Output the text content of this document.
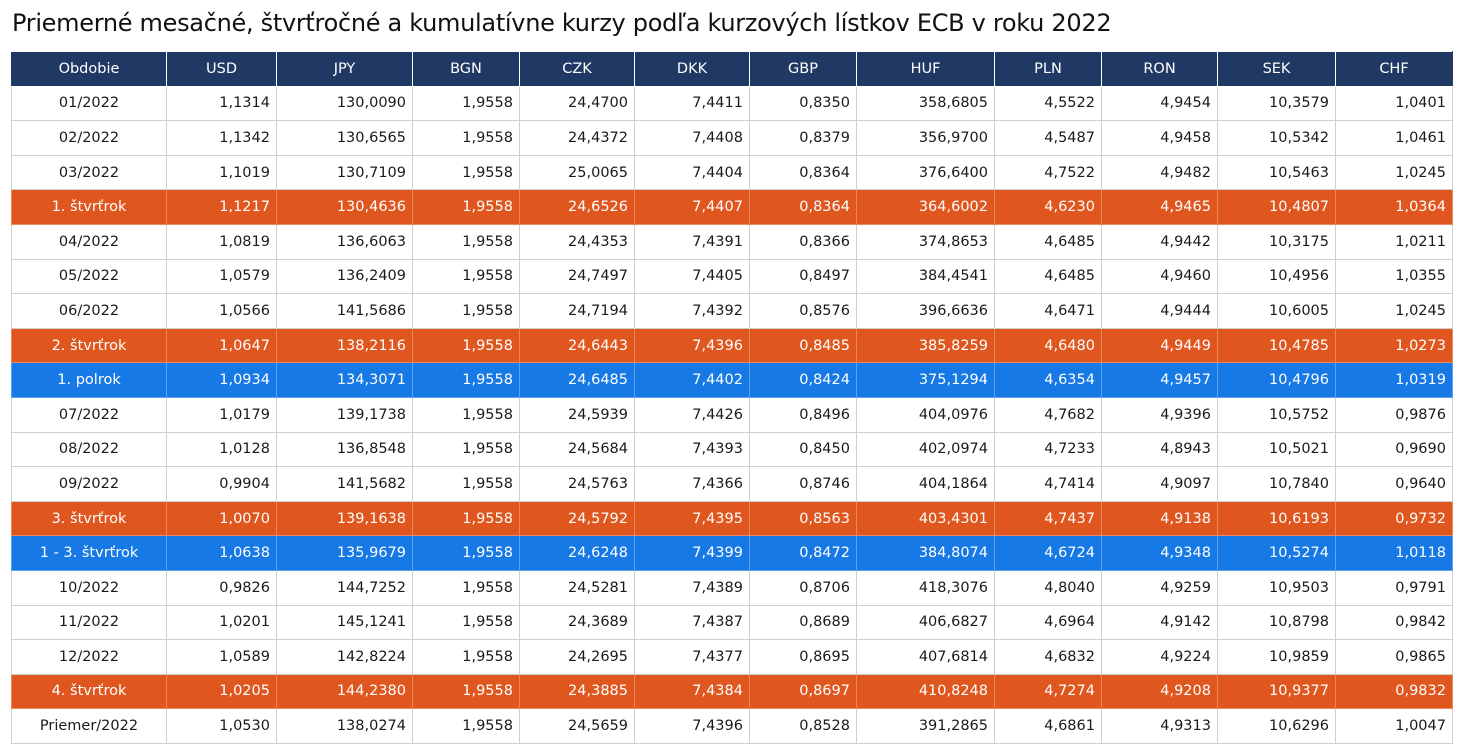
Priemerné mesačné, štvrťročné a kumulatívne kurzy podľa kurzových lístkov ECB v roku 2022
Obdobie	USD	JPY	BGN	CZK	DKK	GBP	HUF	PLN	RON	SEK	CHF
01/2022	1,1314	130,0090	1,9558	24,4700	7,4411	0,8350	358,6805	4,5522	4,9454	10,3579	1,0401
02/2022	1,1342	130,6565	1,9558	24,4372	7,4408	0,8379	356,9700	4,5487	4,9458	10,5342	1,0461
03/2022	1,1019	130,7109	1,9558	25,0065	7,4404	0,8364	376,6400	4,7522	4,9482	10,5463	1,0245
1. štvrťrok	1,1217	130,4636	1,9558	24,6526	7,4407	0,8364	364,6002	4,6230	4,9465	10,4807	1,0364
04/2022	1,0819	136,6063	1,9558	24,4353	7,4391	0,8366	374,8653	4,6485	4,9442	10,3175	1,0211
05/2022	1,0579	136,2409	1,9558	24,7497	7,4405	0,8497	384,4541	4,6485	4,9460	10,4956	1,0355
06/2022	1,0566	141,5686	1,9558	24,7194	7,4392	0,8576	396,6636	4,6471	4,9444	10,6005	1,0245
2. štvrťrok	1,0647	138,2116	1,9558	24,6443	7,4396	0,8485	385,8259	4,6480	4,9449	10,4785	1,0273
1. polrok	1,0934	134,3071	1,9558	24,6485	7,4402	0,8424	375,1294	4,6354	4,9457	10,4796	1,0319
07/2022	1,0179	139,1738	1,9558	24,5939	7,4426	0,8496	404,0976	4,7682	4,9396	10,5752	0,9876
08/2022	1,0128	136,8548	1,9558	24,5684	7,4393	0,8450	402,0974	4,7233	4,8943	10,5021	0,9690
09/2022	0,9904	141,5682	1,9558	24,5763	7,4366	0,8746	404,1864	4,7414	4,9097	10,7840	0,9640
3. štvrťrok	1,0070	139,1638	1,9558	24,5792	7,4395	0,8563	403,4301	4,7437	4,9138	10,6193	0,9732
1 - 3. štvrťrok	1,0638	135,9679	1,9558	24,6248	7,4399	0,8472	384,8074	4,6724	4,9348	10,5274	1,0118
10/2022	0,9826	144,7252	1,9558	24,5281	7,4389	0,8706	418,3076	4,8040	4,9259	10,9503	0,9791
11/2022	1,0201	145,1241	1,9558	24,3689	7,4387	0,8689	406,6827	4,6964	4,9142	10,8798	0,9842
12/2022	1,0589	142,8224	1,9558	24,2695	7,4377	0,8695	407,6814	4,6832	4,9224	10,9859	0,9865
4. štvrťrok	1,0205	144,2380	1,9558	24,3885	7,4384	0,8697	410,8248	4,7274	4,9208	10,9377	0,9832
Priemer/2022	1,0530	138,0274	1,9558	24,5659	7,4396	0,8528	391,2865	4,6861	4,9313	10,6296	1,0047
